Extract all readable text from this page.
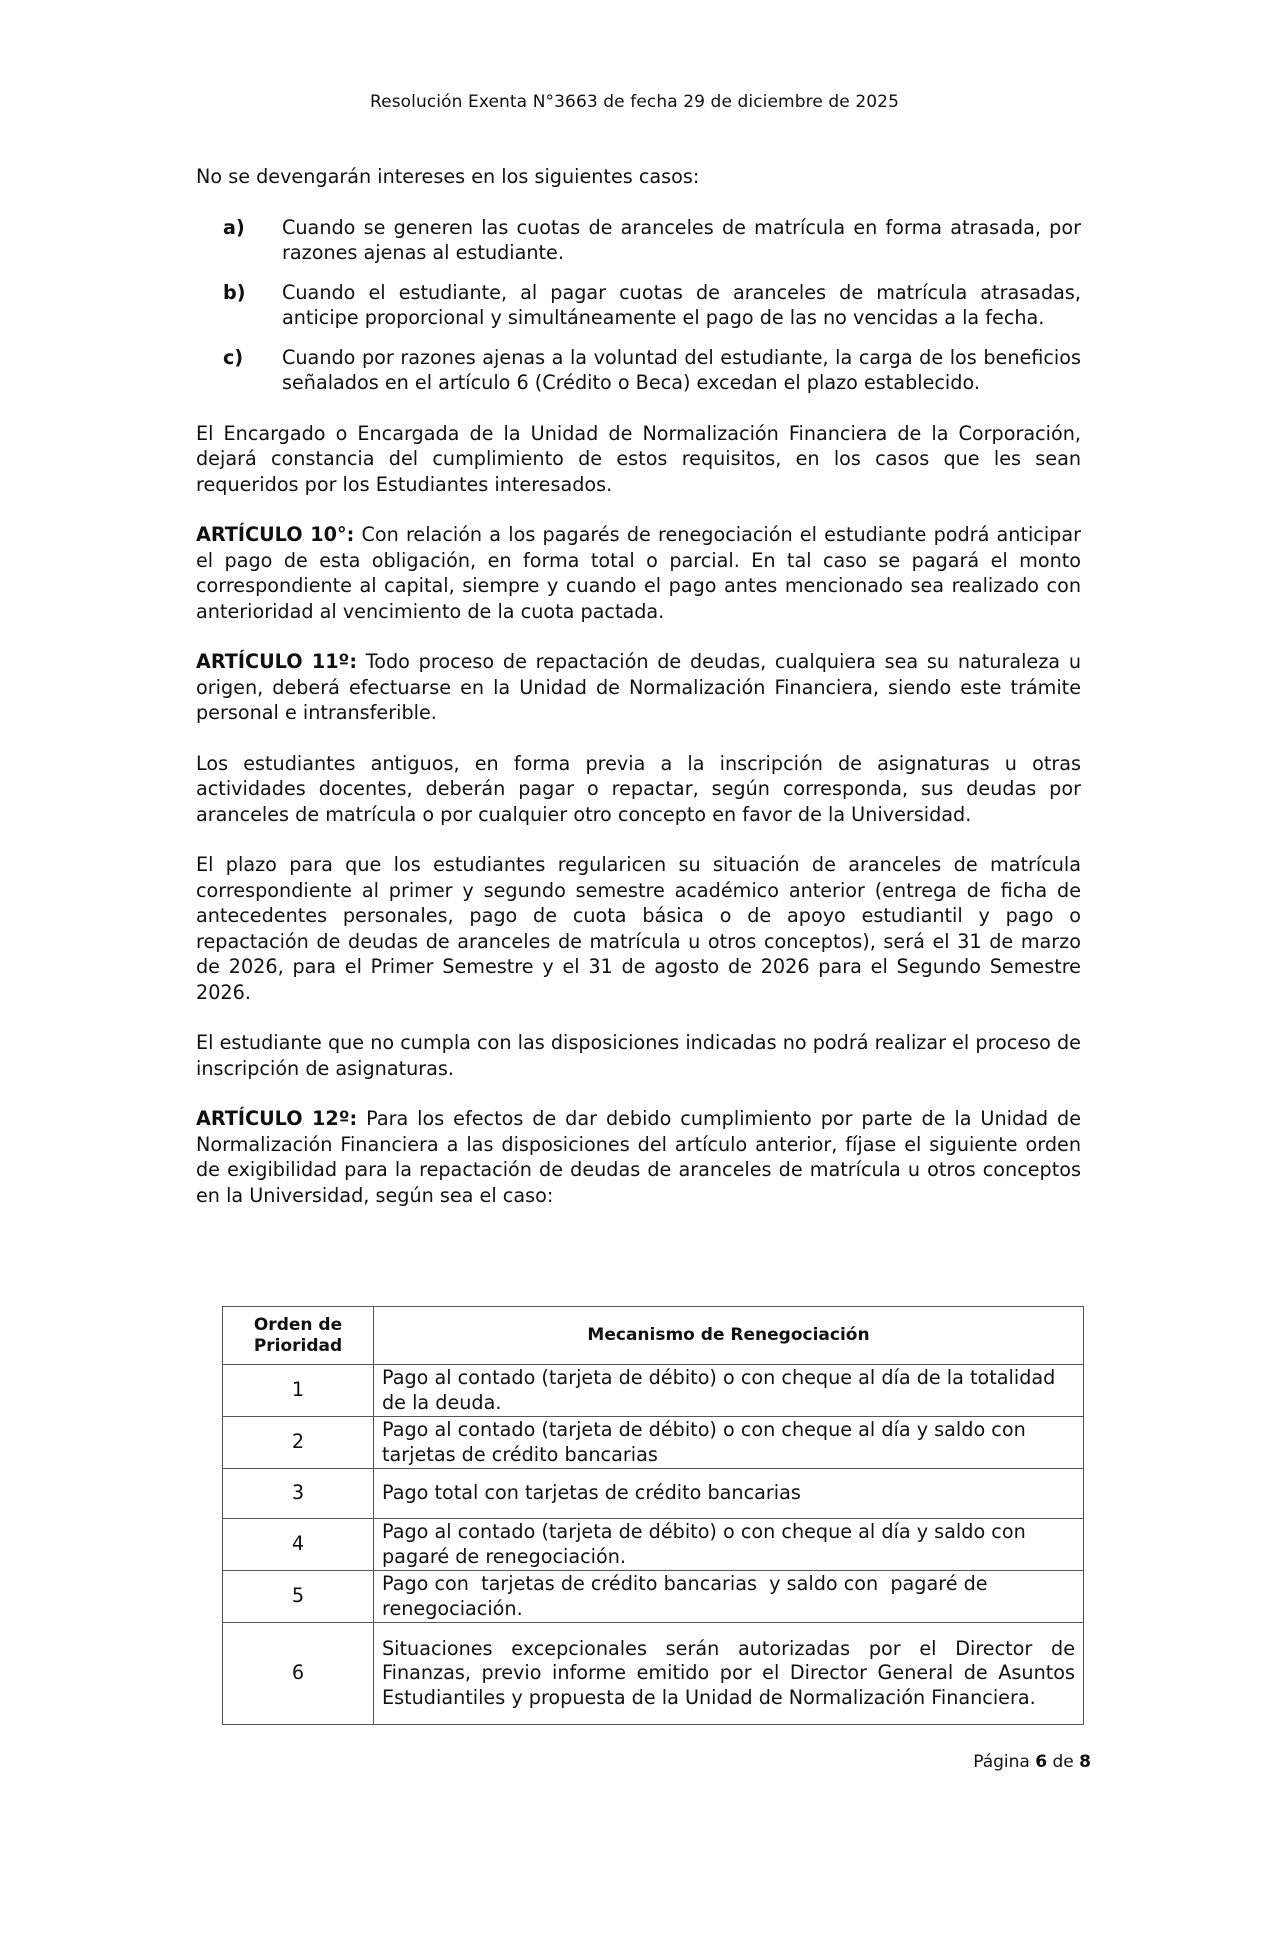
Resolución Exenta N°3663 de fecha 29 de diciembre de 2025

No se devengarán intereses en los siguientes casos:

a)	Cuando se generen las cuotas de aranceles de matrícula en forma atrasada, por razones ajenas al estudiante.
b)	Cuando el estudiante, al pagar cuotas de aranceles de matrícula atrasadas, anticipe proporcional y simultáneamente el pago de las no vencidas a la fecha.
c)	Cuando por razones ajenas a la voluntad del estudiante, la carga de los beneficios señalados en el artículo 6 (Crédito o Beca) excedan el plazo establecido.

El Encargado o Encargada de la Unidad de Normalización Financiera de la Corporación, dejará constancia del cumplimiento de estos requisitos, en los casos que les sean requeridos por los Estudiantes interesados.

ARTÍCULO 10°: Con relación a los pagarés de renegociación el estudiante podrá anticipar el pago de esta obligación, en forma total o parcial. En tal caso se pagará el monto correspondiente al capital, siempre y cuando el pago antes mencionado sea realizado con anterioridad al vencimiento de la cuota pactada.

ARTÍCULO 11º: Todo proceso de repactación de deudas, cualquiera sea su naturaleza u origen, deberá efectuarse en la Unidad de Normalización Financiera, siendo este trámite personal e intransferible.

Los estudiantes antiguos, en forma previa a la inscripción de asignaturas u otras actividades docentes, deberán pagar o repactar, según corresponda, sus deudas por aranceles de matrícula o por cualquier otro concepto en favor de la Universidad.

El plazo para que los estudiantes regularicen su situación de aranceles de matrícula correspondiente al primer y segundo semestre académico anterior (entrega de ficha de antecedentes personales, pago de cuota básica o de apoyo estudiantil y pago o repactación de deudas de aranceles de matrícula u otros conceptos), será el 31 de marzo de 2026, para el Primer Semestre y el 31 de agosto de 2026 para el Segundo Semestre 2026.

El estudiante que no cumpla con las disposiciones indicadas no podrá realizar el proceso de inscripción de asignaturas.

ARTÍCULO 12º: Para los efectos de dar debido cumplimiento por parte de la Unidad de Normalización Financiera a las disposiciones del artículo anterior, fíjase el siguiente orden de exigibilidad para la repactación de deudas de aranceles de matrícula u otros conceptos en la Universidad, según sea el caso:

Orden de Prioridad	Mecanismo de Renegociación
1	Pago al contado (tarjeta de débito) o con cheque al día de la totalidad de la deuda.
2	Pago al contado (tarjeta de débito) o con cheque al día y saldo con tarjetas de crédito bancarias
3	Pago total con tarjetas de crédito bancarias
4	Pago al contado (tarjeta de débito) o con cheque al día y saldo con pagaré de renegociación.
5	Pago con  tarjetas de crédito bancarias  y saldo con  pagaré de renegociación.
6	Situaciones excepcionales serán autorizadas por el Director de Finanzas, previo informe emitido por el Director General de Asuntos Estudiantiles y propuesta de la Unidad de Normalización Financiera.
Página 6 de 8
